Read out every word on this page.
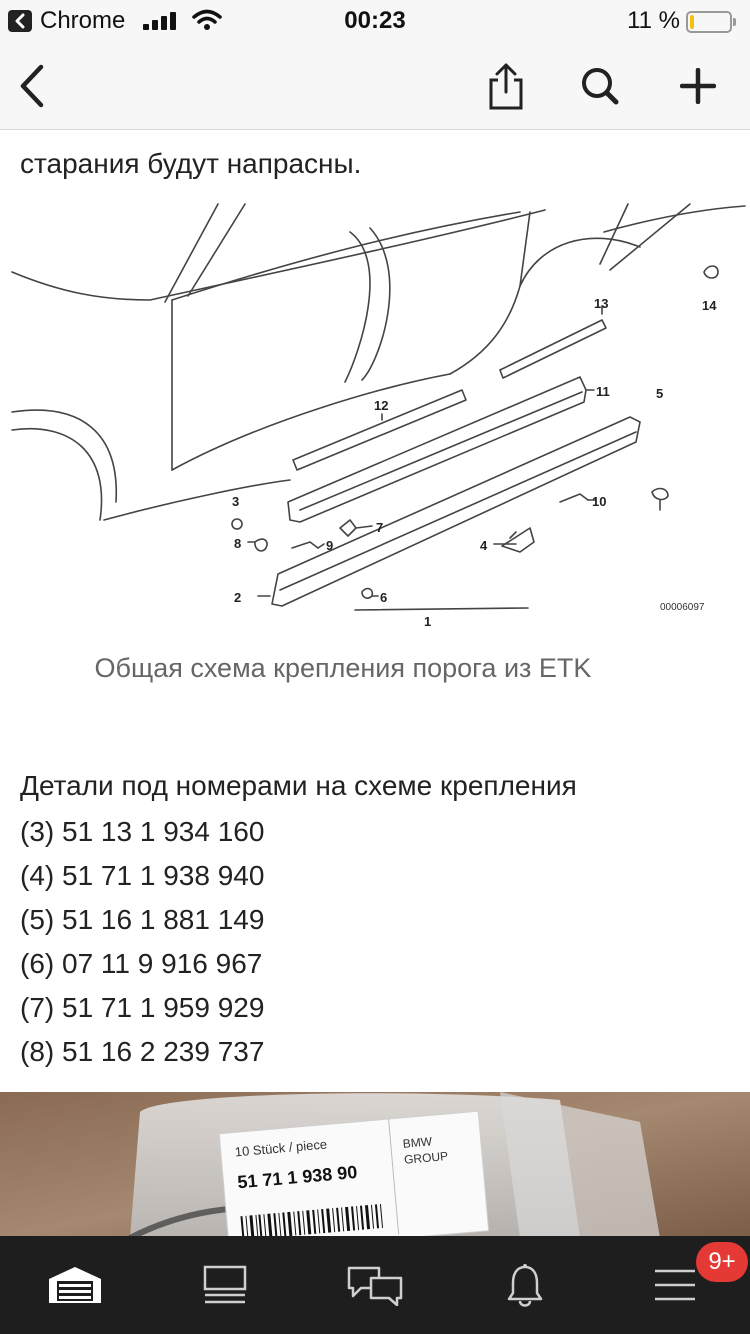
Chrome	00:23	11 %

старания будут напрасны.

1
2
3
4
5
6
7
8	9
10
11
12
13	14
00006097
Общая схема крепления порога из ETK
Детали под номерами на схеме крепления
(3) 51 13 1 934 160
(4) 51 71 1 938 940
(5) 51 16 1 881 149
(6) 07 11 9 916 967
(7) 51 71 1 959 929
(8) 51 16 2 239 737
10 Stück / piece
51 71 1 938 90
BMW
GROUP
9+
